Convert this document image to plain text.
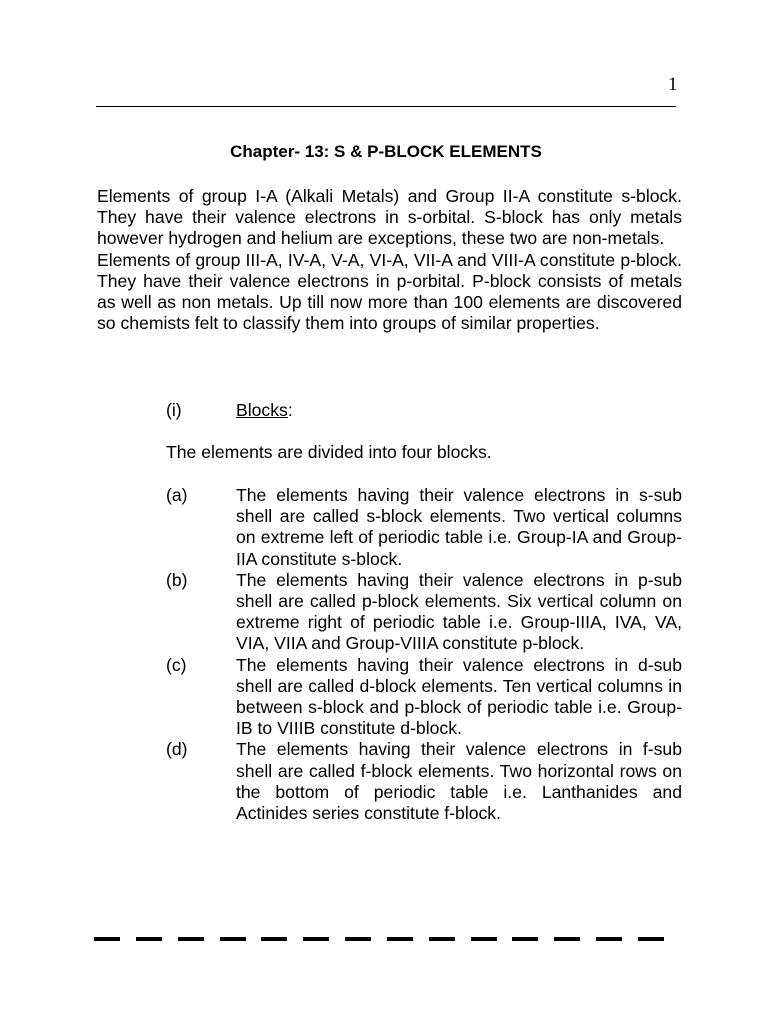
1
Chapter- 13: S & P-BLOCK ELEMENTS

Elements of group I-A (Alkali Metals) and Group II-A constitute s-block. They have their valence electrons in s-orbital. S-block has only metals however hydrogen and helium are exceptions, these two are non-metals.

Elements of group III-A, IV-A, V-A, VI-A, VII-A and VIII-A constitute p-block. They have their valence electrons in p-orbital. P-block consists of metals as well as non metals. Up till now more than 100 elements are discovered so chemists felt to classify them into groups of similar properties.

(i)	Blocks:
The elements are divided into four blocks.
(a)	The elements having their valence electrons in s-sub shell are called s-block elements. Two vertical columns on extreme left of periodic table i.e. Group-IA and Group-IIA constitute s-block.
(b)	The elements having their valence electrons in p-sub shell are called p-block elements. Six vertical column on extreme right of periodic table i.e. Group-IIIA, IVA, VA, VIA, VIIA and Group-VIIIA constitute p-block.
(c)	The elements having their valence electrons in d-sub shell are called d-block elements. Ten vertical columns in between s-block and p-block of periodic table i.e. Group-IB to VIIIB constitute d-block.
(d)	The elements having their valence electrons in f-sub shell are called f-block elements. Two horizontal rows on the bottom of periodic table i.e. Lanthanides and Actinides series constitute f-block.
